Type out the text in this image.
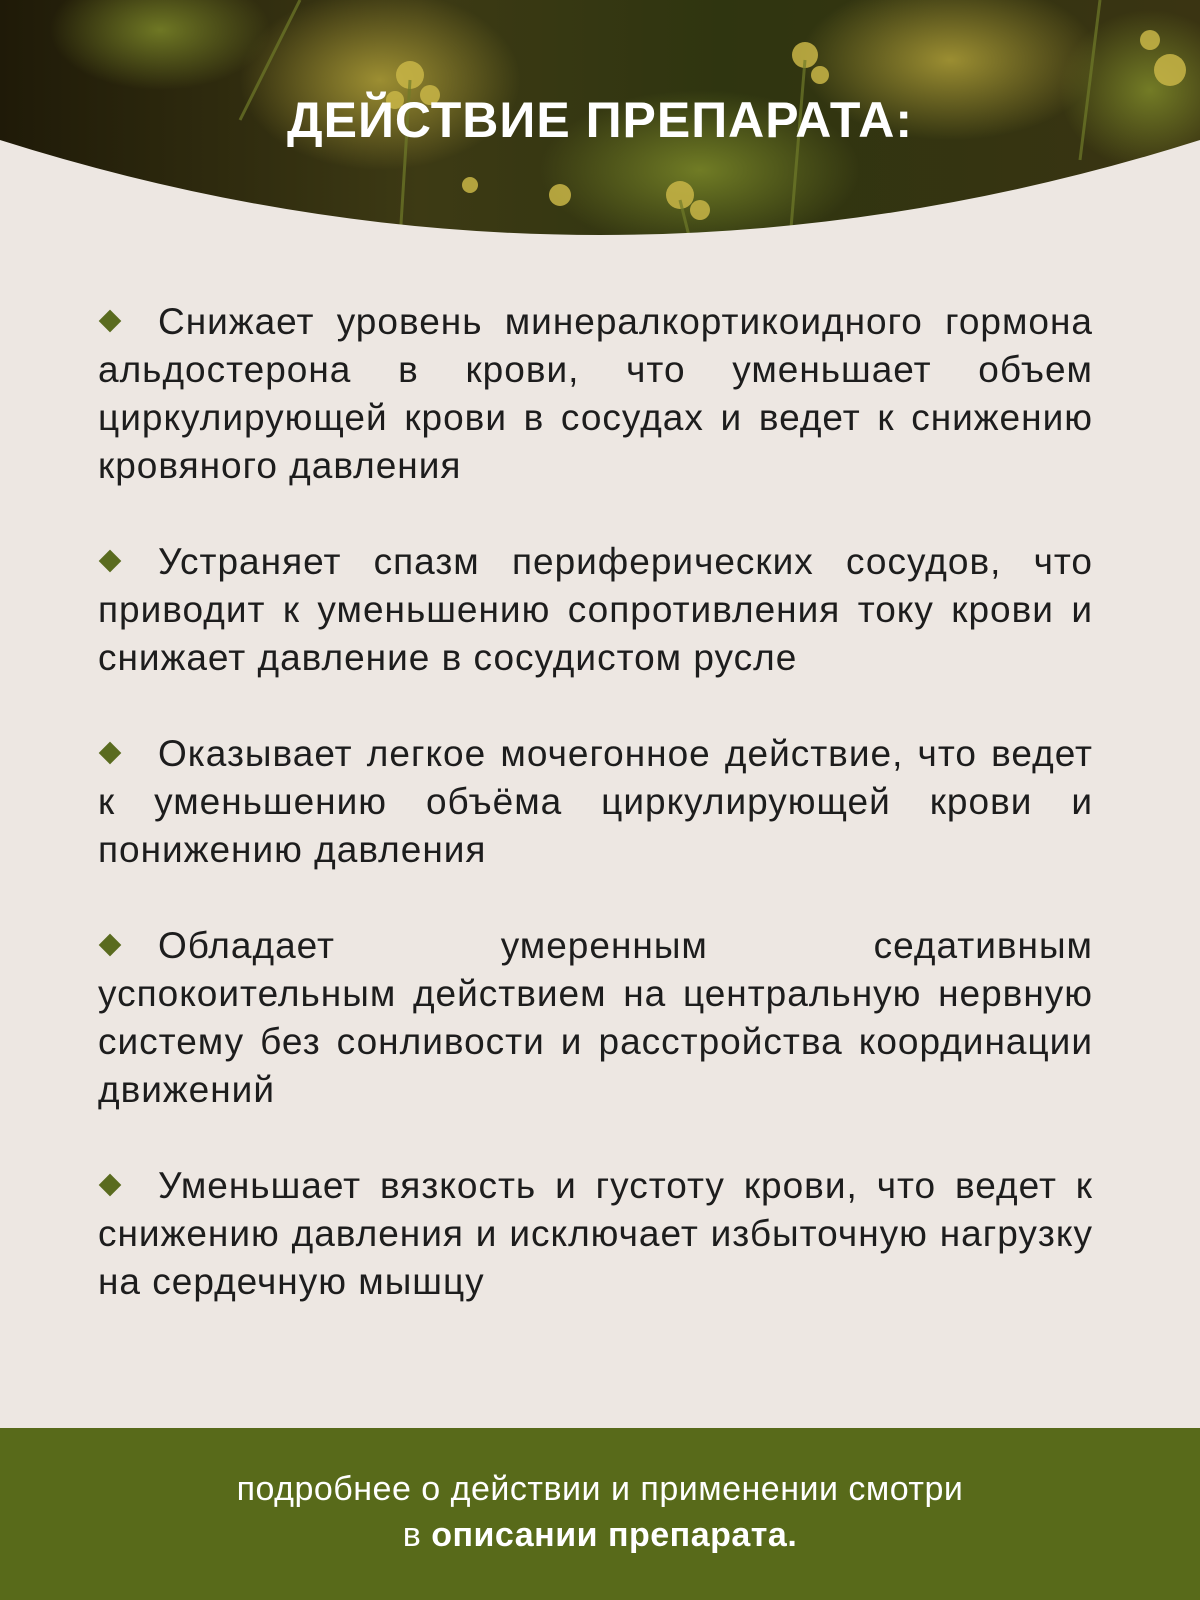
ДЕЙСТВИЕ ПРЕПАРАТА:
Снижает уровень минералкортикоидного гормона альдостерона в крови, что уменьшает объем циркулирующей крови в сосудах и ведет к снижению кровяного давления
Устраняет спазм периферических сосудов, что приводит к уменьшению сопротивления току крови и снижает давление в сосудистом русле
Оказывает легкое мочегонное действие, что ведет к уменьшению объёма циркулирующей крови и понижению давления
Обладает умеренным седативным успокоительным действием на центральную нервную систему без сонливости и расстройства координации движений
Уменьшает вязкость и густоту крови, что ведет к снижению давления и исключает избыточную нагрузку на сердечную мышцу

подробнее о действии и применении смотри

в описании препарата.
